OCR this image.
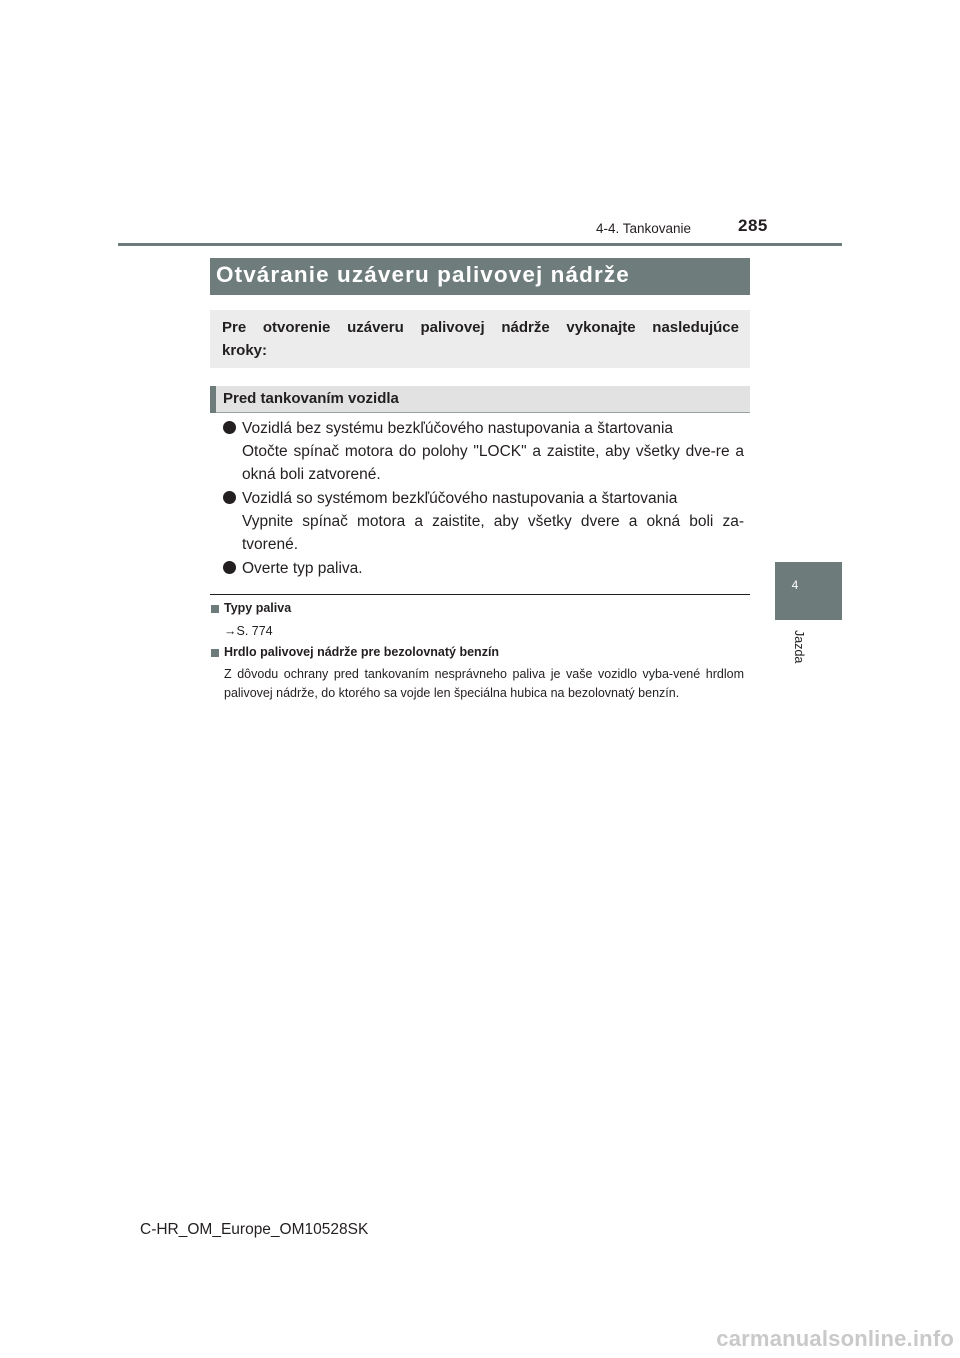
4-4. Tankovanie	285
4
Jazda
Otváranie uzáveru palivovej nádrže
Pre otvorenie uzáveru palivovej nádrže vykonajte nasledujúce kroky:
Pred tankovaním vozidla
Vozidlá bez systému bezkľúčového nastupovania a štartovania
Otočte spínač motora do polohy "LOCK" a zaistite, aby všetky dve-re a okná boli zatvorené.
Vozidlá so systémom bezkľúčového nastupovania a štartovania
Vypnite spínač motora a zaistite, aby všetky dvere a okná boli za-tvorené.
Overte typ paliva.
Typy paliva
→S. 774
Hrdlo palivovej nádrže pre bezolovnatý benzín
Z dôvodu ochrany pred tankovaním nesprávneho paliva je vaše vozidlo vyba-vené hrdlom palivovej nádrže, do ktorého sa vojde len špeciálna hubica na bezolovnatý benzín.
C-HR_OM_Europe_OM10528SK
carmanualsonline.info
